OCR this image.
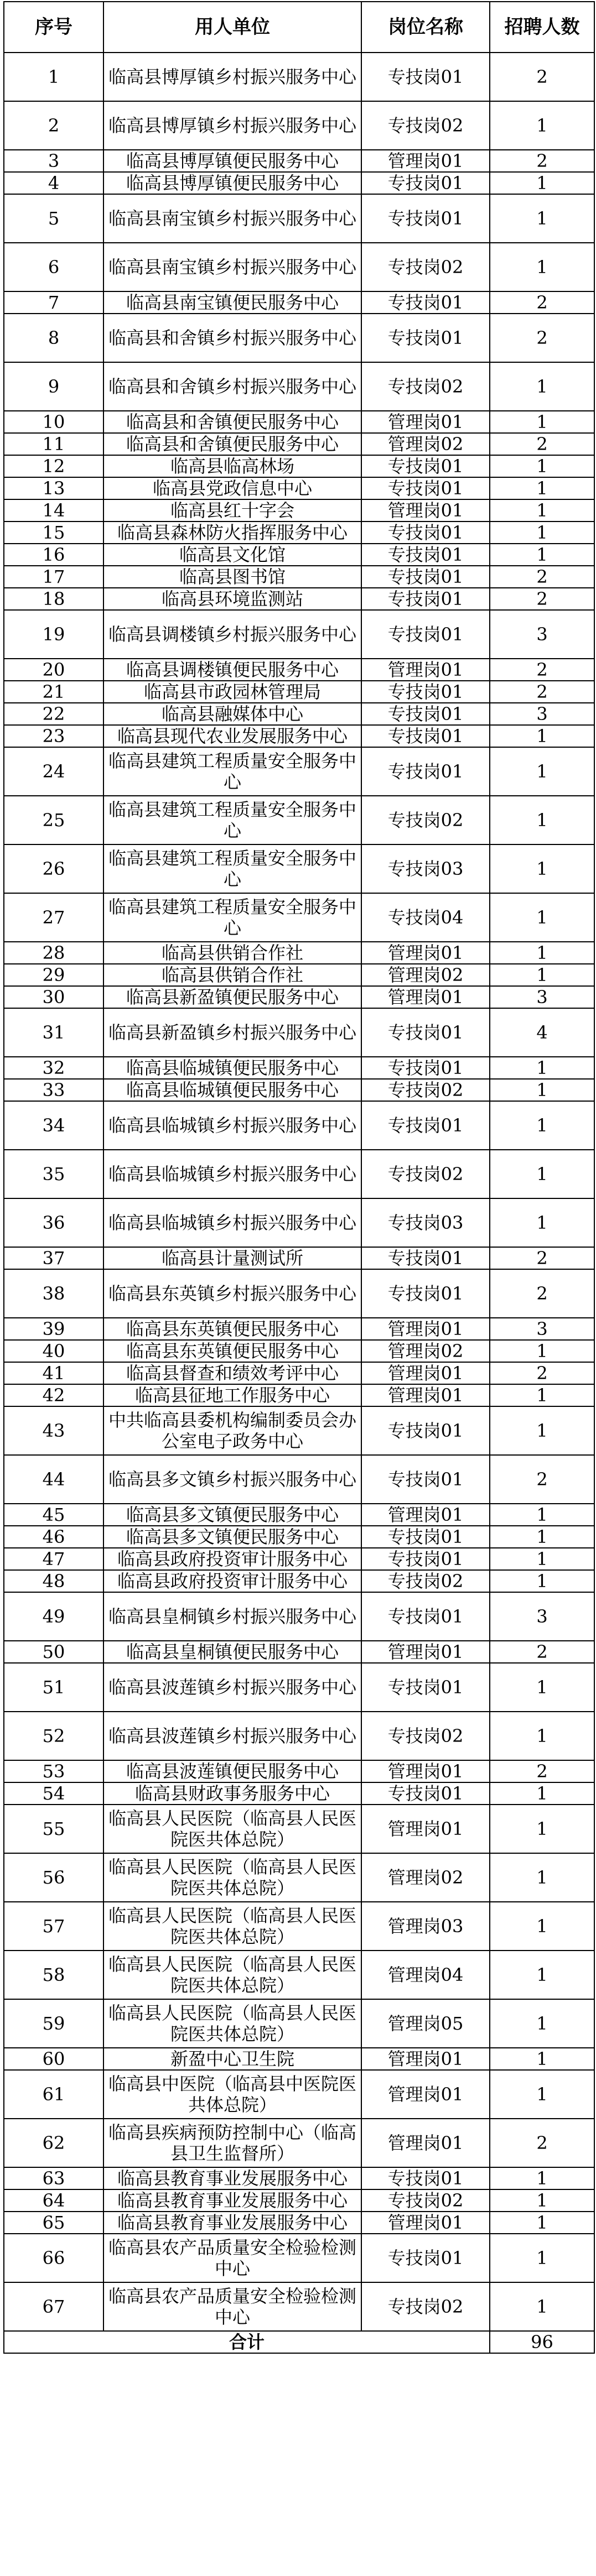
序号	用人单位	岗位名称	招聘人数
1	临高县博厚镇乡村振兴服务中心	专技岗01	2
2	临高县博厚镇乡村振兴服务中心	专技岗02	1
3	临高县博厚镇便民服务中心	管理岗01	2
4	临高县博厚镇便民服务中心	专技岗01	1
5	临高县南宝镇乡村振兴服务中心	专技岗01	1
6	临高县南宝镇乡村振兴服务中心	专技岗02	1
7	临高县南宝镇便民服务中心	专技岗01	2
8	临高县和舍镇乡村振兴服务中心	专技岗01	2
9	临高县和舍镇乡村振兴服务中心	专技岗02	1
10	临高县和舍镇便民服务中心	管理岗01	1
11	临高县和舍镇便民服务中心	管理岗02	2
12	临高县临高林场	专技岗01	1
13	临高县党政信息中心	专技岗01	1
14	临高县红十字会	管理岗01	1
15	临高县森林防火指挥服务中心	专技岗01	1
16	临高县文化馆	专技岗01	1
17	临高县图书馆	专技岗01	2
18	临高县环境监测站	专技岗01	2
19	临高县调楼镇乡村振兴服务中心	专技岗01	3
20	临高县调楼镇便民服务中心	管理岗01	2
21	临高县市政园林管理局	专技岗01	2
22	临高县融媒体中心	专技岗01	3
23	临高县现代农业发展服务中心	专技岗01	1
24	临高县建筑工程质量安全服务中心	专技岗01	1
25	临高县建筑工程质量安全服务中心	专技岗02	1
26	临高县建筑工程质量安全服务中心	专技岗03	1
27	临高县建筑工程质量安全服务中心	专技岗04	1
28	临高县供销合作社	管理岗01	1
29	临高县供销合作社	管理岗02	1
30	临高县新盈镇便民服务中心	管理岗01	3
31	临高县新盈镇乡村振兴服务中心	专技岗01	4
32	临高县临城镇便民服务中心	专技岗01	1
33	临高县临城镇便民服务中心	专技岗02	1
34	临高县临城镇乡村振兴服务中心	专技岗01	1
35	临高县临城镇乡村振兴服务中心	专技岗02	1
36	临高县临城镇乡村振兴服务中心	专技岗03	1
37	临高县计量测试所	专技岗01	2
38	临高县东英镇乡村振兴服务中心	专技岗01	2
39	临高县东英镇便民服务中心	管理岗01	3
40	临高县东英镇便民服务中心	管理岗02	1
41	临高县督查和绩效考评中心	管理岗01	2
42	临高县征地工作服务中心	管理岗01	1
43	中共临高县委机构编制委员会办公室电子政务中心	专技岗01	1
44	临高县多文镇乡村振兴服务中心	专技岗01	2
45	临高县多文镇便民服务中心	管理岗01	1
46	临高县多文镇便民服务中心	专技岗01	1
47	临高县政府投资审计服务中心	专技岗01	1
48	临高县政府投资审计服务中心	专技岗02	1
49	临高县皇桐镇乡村振兴服务中心	专技岗01	3
50	临高县皇桐镇便民服务中心	管理岗01	2
51	临高县波莲镇乡村振兴服务中心	专技岗01	1
52	临高县波莲镇乡村振兴服务中心	专技岗02	1
53	临高县波莲镇便民服务中心	管理岗01	2
54	临高县财政事务服务中心	专技岗01	1
55	临高县人民医院（临高县人民医院医共体总院）	管理岗01	1
56	临高县人民医院（临高县人民医院医共体总院）	管理岗02	1
57	临高县人民医院（临高县人民医院医共体总院）	管理岗03	1
58	临高县人民医院（临高县人民医院医共体总院）	管理岗04	1
59	临高县人民医院（临高县人民医院医共体总院）	管理岗05	1
60	新盈中心卫生院	管理岗01	1
61	临高县中医院（临高县中医院医共体总院）	管理岗01	1
62	临高县疾病预防控制中心（临高县卫生监督所）	管理岗01	2
63	临高县教育事业发展服务中心	专技岗01	1
64	临高县教育事业发展服务中心	专技岗02	1
65	临高县教育事业发展服务中心	管理岗01	1
66	临高县农产品质量安全检验检测中心	专技岗01	1
67	临高县农产品质量安全检验检测中心	专技岗02	1
合计			96
